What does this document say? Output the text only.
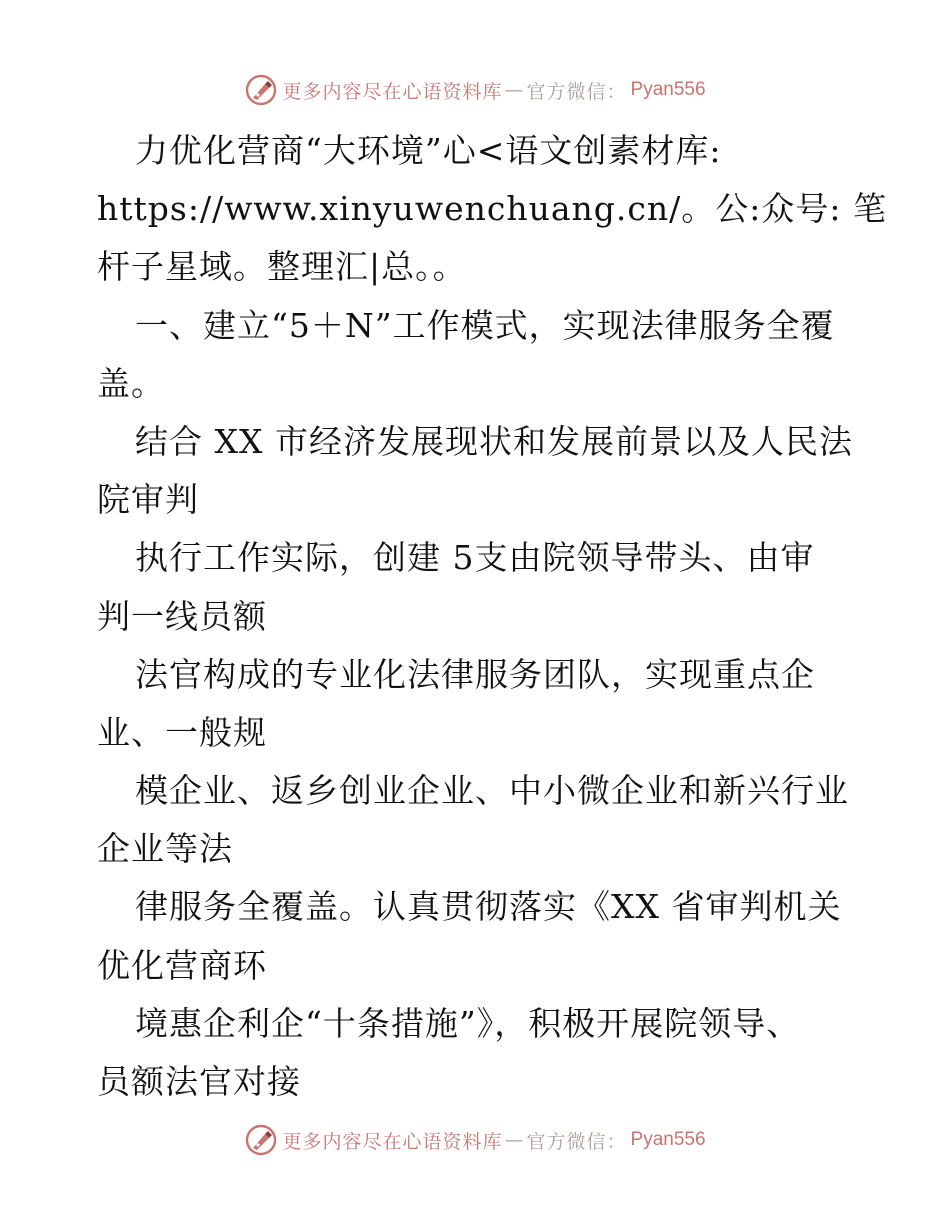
更多内容尽在心语资料库 — 官方微信 ： Pyan556
力优化营商“大环境”心<语文创素材库:
https://www.xinyuwenchuang.cn/。公:众号: 笔
杆子星域。整理汇|总。。
一、建立“5＋N”工作模式，实现法律服务全覆
盖。
结合 XX 市经济发展现状和发展前景以及人民法
院审判
执行工作实际，创建 5支由院领导带头、由审
判一线员额
法官构成的专业化法律服务团队，实现重点企
业、一般规
模企业、返乡创业企业、中小微企业和新兴行业
企业等法
律服务全覆盖。认真贯彻落实《XX 省审判机关
优化营商环
境惠企利企“十条措施”》，积极开展院领导、
员额法官对接
更多内容尽在心语资料库 — 官方微信 ： Pyan556
